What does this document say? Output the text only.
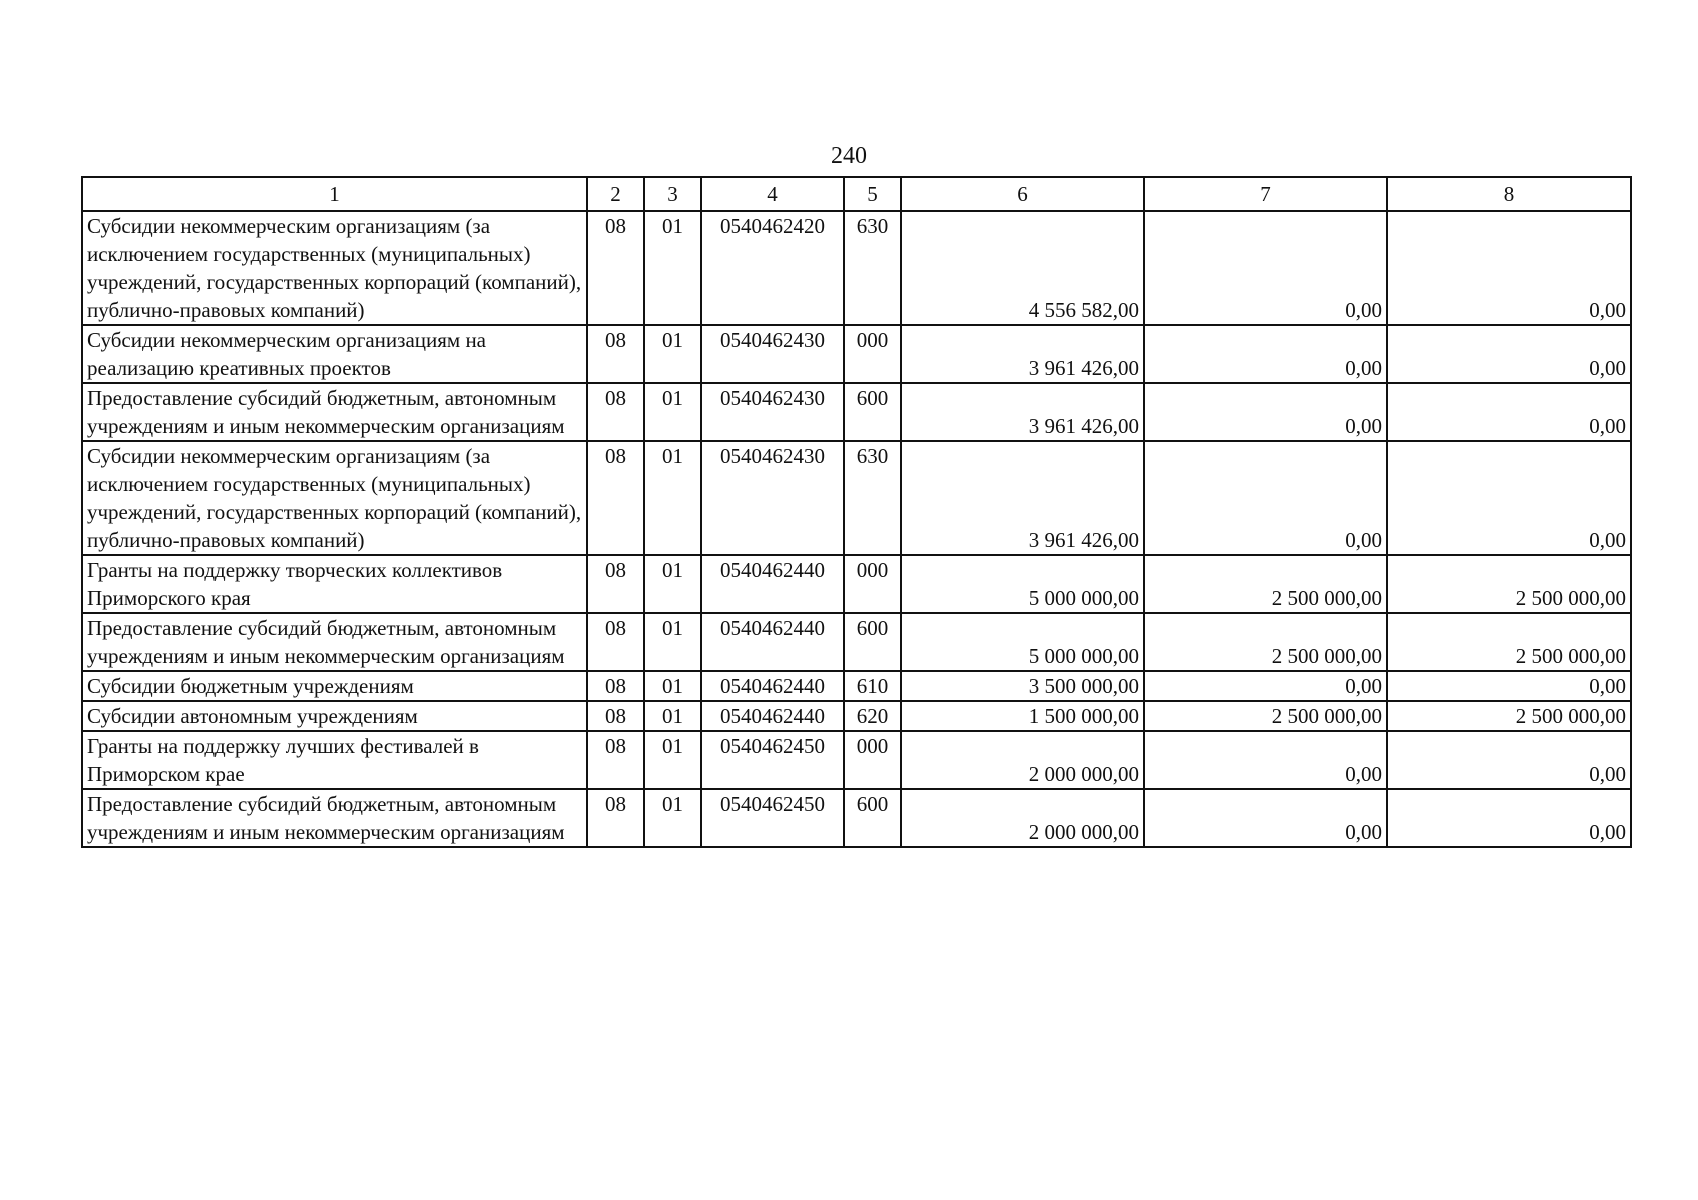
240
1	2	3	4	5	6	7	8
Субсидии некоммерческим организациям (за исключением государственных (муниципальных) учреждений, государственных корпораций (компаний), публично-правовых компаний)	08	01	0540462420	630	4 556 582,00	0,00	0,00
Субсидии некоммерческим организациям на реализацию креативных проектов	08	01	0540462430	000	3 961 426,00	0,00	0,00
Предоставление субсидий бюджетным, автономным учреждениям и иным некоммерческим организациям	08	01	0540462430	600	3 961 426,00	0,00	0,00
Субсидии некоммерческим организациям (за исключением государственных (муниципальных) учреждений, государственных корпораций (компаний), публично-правовых компаний)	08	01	0540462430	630	3 961 426,00	0,00	0,00
Гранты на поддержку творческих коллективов Приморского края	08	01	0540462440	000	5 000 000,00	2 500 000,00	2 500 000,00
Предоставление субсидий бюджетным, автономным учреждениям и иным некоммерческим организациям	08	01	0540462440	600	5 000 000,00	2 500 000,00	2 500 000,00
Субсидии бюджетным учреждениям	08	01	0540462440	610	3 500 000,00	0,00	0,00
Субсидии автономным учреждениям	08	01	0540462440	620	1 500 000,00	2 500 000,00	2 500 000,00
Гранты на поддержку лучших фестивалей в Приморском крае	08	01	0540462450	000	2 000 000,00	0,00	0,00
Предоставление субсидий бюджетным, автономным учреждениям и иным некоммерческим организациям	08	01	0540462450	600	2 000 000,00	0,00	0,00
